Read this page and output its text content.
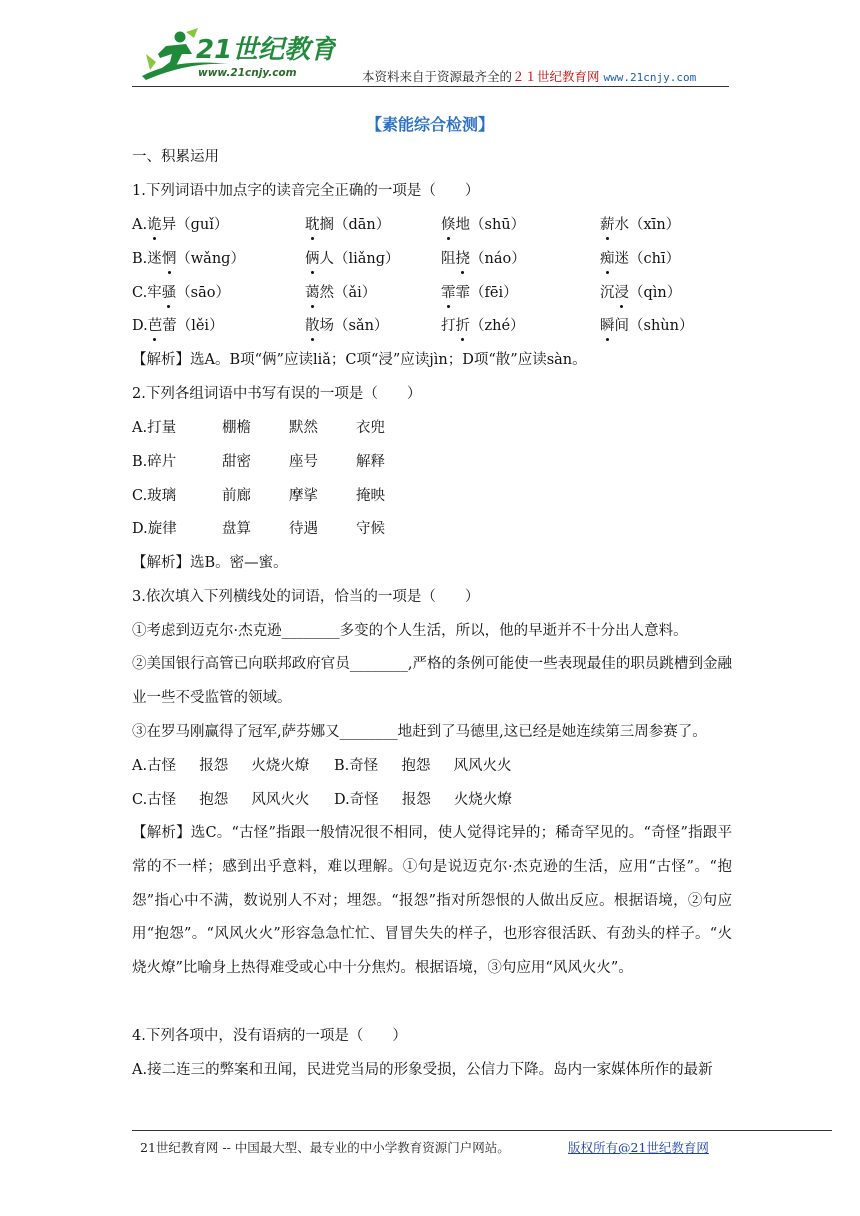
21世纪教育
www.21cnjy.com	本资料来自于资源最齐全的２１世纪教育网 www.21cnjy.com
【素能综合检测】
一、积累运用
1.下列词语中加点字的读音完全正确的一项是（　　）
【解析】选A。B项“俩”应读liǎ；C项“浸”应读jìn；D项“散”应读sàn。
2.下列各组词语中书写有误的一项是（　　）
【解析】选B。密—蜜。
3.依次填入下列横线处的词语，恰当的一项是（　　）
①考虑到迈克尔·杰克逊________多变的个人生活，所以，他的早逝并不十分出人意料。
②美国银行高管已向联邦政府官员________,严格的条例可能使一些表现最佳的职员跳槽到金融业一些不受监管的领域。
③在罗马刚赢得了冠军,萨芬娜又________地赶到了马德里,这已经是她连续第三周参赛了。
【解析】选C。“古怪”指跟一般情况很不相同，使人觉得诧异的；稀奇罕见的。“奇怪”指跟平常的不一样；感到出乎意料，难以理解。①句是说迈克尔·杰克逊的生活，应用“古怪”。“抱怨”指心中不满，数说别人不对；埋怨。“报怨”指对所怨恨的人做出反应。根据语境，②句应用“抱怨”。“风风火火”形容急急忙忙、冒冒失失的样子，也形容很活跃、有劲头的样子。“火烧火燎”比喻身上热得难受或心中十分焦灼。根据语境，③句应用“风风火火”。
4.下列各项中，没有语病的一项是（　　）
A.接二连三的弊案和丑闻，民进党当局的形象受损，公信力下降。岛内一家媒体所作的最新
21世纪教育网 -- 中国最大型、最专业的中小学教育资源门户网站。	版权所有@21世纪教育网
A.诡异（ɡuǐ）	耽搁（dān）	倏地（shū）	薪水（xīn）
B.迷惘（wǎnɡ）	俩人（liǎnɡ）	阻挠（náo）	痴迷（chī）
C.牢骚（sāo）	蔼然（ǎi）	霏霏（fēi）	沉浸（qìn）
D.芭蕾（lěi）	散场（sǎn）	打折（zhé）	瞬间（shùn）
A.打量	棚檐	默然	衣兜
B.碎片	甜密	座号	解释
C.玻璃	前廊	摩挲	掩映
D.旋律	盘算	待遇	守候
A.古怪　 报怨　 火烧火燎 B.奇怪　 抱怨　 风风火火
C.古怪　 抱怨　 风风火火 D.奇怪　 报怨　 火烧火燎
